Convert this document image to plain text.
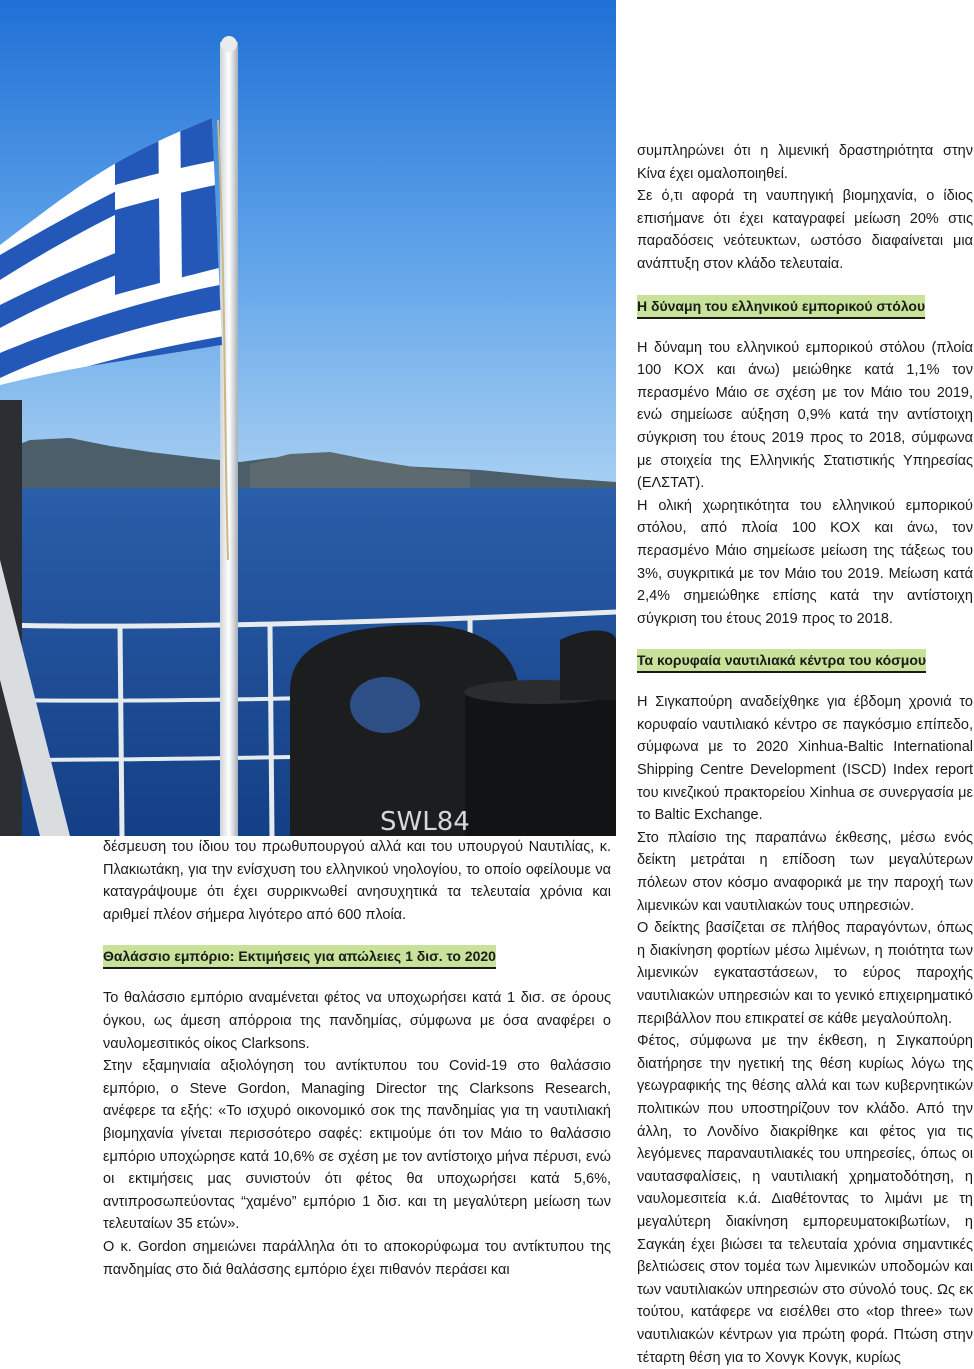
SWL84

συμπληρώνει ότι η λιμενική δραστηριότητα στην Κίνα έχει ομαλοποιηθεί.

Σε ό,τι αφορά τη ναυπηγική βιομηχανία, ο ίδιος επισήμανε ότι έχει καταγραφεί μείωση 20% στις παραδόσεις νεότευκτων, ωστόσο διαφαίνεται μια ανάπτυξη στον κλάδο τελευταία.

Η δύναμη του ελληνικού εμπορικού στόλου

Η δύναμη του ελληνικού εμπορικού στόλου (πλοία 100 ΚΟΧ και άνω) μειώθηκε κατά 1,1% τον περασμένο Μάιο σε σχέση με τον Μάιο του 2019, ενώ σημείωσε αύξηση 0,9% κατά την αντίστοιχη σύγκριση του έτους 2019 προς το 2018, σύμφωνα με στοιχεία της Ελληνικής Στατιστικής Υπηρεσίας (ΕΛΣΤΑΤ).

Η ολική χωρητικότητα του ελληνικού εμπορικού στόλου, από πλοία 100 ΚΟΧ και άνω, τον περασμένο Μάιο σημείωσε μείωση της τάξεως του 3%, συγκριτικά με τον Μάιο του 2019. Μείωση κατά 2,4% σημειώθηκε επίσης κατά την αντίστοιχη σύγκριση του έτους 2019 προς το 2018.

Τα κορυφαία ναυτιλιακά κέντρα του κόσμου

Η Σιγκαπούρη αναδείχθηκε για έβδομη χρονιά το κορυφαίο ναυτιλιακό κέντρο σε παγκόσμιο επίπεδο, σύμφωνα με το 2020 Xinhua-Baltic International Shipping Centre Development (ISCD) Index report του κινεζικού πρακτορείου Xinhua σε συνεργασία με το Baltic Exchange.

Στο πλαίσιο της παραπάνω έκθεσης, μέσω ενός δείκτη μετράται η επίδοση των μεγαλύτερων πόλεων στον κόσμο αναφορικά με την παροχή των λιμενικών και ναυτιλιακών τους υπηρεσιών.

Ο δείκτης βασίζεται σε πλήθος παραγόντων, όπως η διακίνηση φορτίων μέσω λιμένων, η ποιότητα των λιμενικών εγκαταστάσεων, το εύρος παροχής ναυτιλιακών υπηρεσιών και το γενικό επιχειρηματικό περιβάλλον που επικρατεί σε κάθε μεγαλούπολη.

Φέτος, σύμφωνα με την έκθεση, η Σιγκαπούρη διατήρησε την ηγετική της θέση κυρίως λόγω της γεωγραφικής της θέσης αλλά και των κυβερνητικών πολιτικών που υποστηρίζουν τον κλάδο. Από την άλλη, το Λονδίνο διακρίθηκε και φέτος για τις λεγόμενες παραναυτιλιακές του υπηρεσίες, όπως οι ναυτασφαλίσεις, η ναυτιλιακή χρηματοδότηση, η ναυλομεσιτεία κ.ά. Διαθέτοντας το λιμάνι με τη μεγαλύτερη διακίνηση εμπορευματοκιβωτίων, η Σαγκάη έχει βιώσει τα τελευταία χρόνια σημαντικές βελτιώσεις στον τομέα των λιμενικών υποδομών και των ναυτιλιακών υπηρεσιών στο σύνολό τους. Ως εκ τούτου, κατάφερε να εισέλθει στο «top three» των ναυτιλιακών κέντρων για πρώτη φορά. Πτώση στην τέταρτη θέση για το Χονγκ Κονγκ, κυρίως

δέσμευση του ίδιου του πρωθυπουργού αλλά και του υπουργού Ναυτιλίας, κ. Πλακιωτάκη, για την ενίσχυση του ελληνικού νηολογίου, το οποίο οφείλουμε να καταγράψουμε ότι έχει συρρικνωθεί ανησυχητικά τα τελευταία χρόνια και αριθμεί πλέον σήμερα λιγότερο από 600 πλοία.

Θαλάσσιο εμπόριο: Εκτιμήσεις για απώλειες 1 δισ. το 2020

Το θαλάσσιο εμπόριο αναμένεται φέτος να υποχωρήσει κατά 1 δισ. σε όρους όγκου, ως άμεση απόρροια της πανδημίας, σύμφωνα με όσα αναφέρει ο ναυλομεσιτικός οίκος Clarksons.

Στην εξαμηνιαία αξιολόγηση του αντίκτυπου του Covid-19 στο θαλάσσιο εμπόριο, ο Steve Gordon, Managing Director της Clarksons Research, ανέφερε τα εξής: «Το ισχυρό οικονομικό σοκ της πανδημίας για τη ναυτιλιακή βιομηχανία γίνεται περισσότερο σαφές: εκτιμούμε ότι τον Μάιο το θαλάσσιο εμπόριο υποχώρησε κατά 10,6% σε σχέση με τον αντίστοιχο μήνα πέρυσι, ενώ οι εκτιμήσεις μας συνιστούν ότι φέτος θα υποχωρήσει κατά 5,6%, αντιπροσωπεύοντας “χαμένο” εμπόριο 1 δισ. και τη μεγαλύτερη μείωση των τελευταίων 35 ετών».

Ο κ. Gordon σημειώνει παράλληλα ότι το αποκορύφωμα του αντίκτυπου της πανδημίας στο διά θαλάσσης εμπόριο έχει πιθανόν περάσει και
